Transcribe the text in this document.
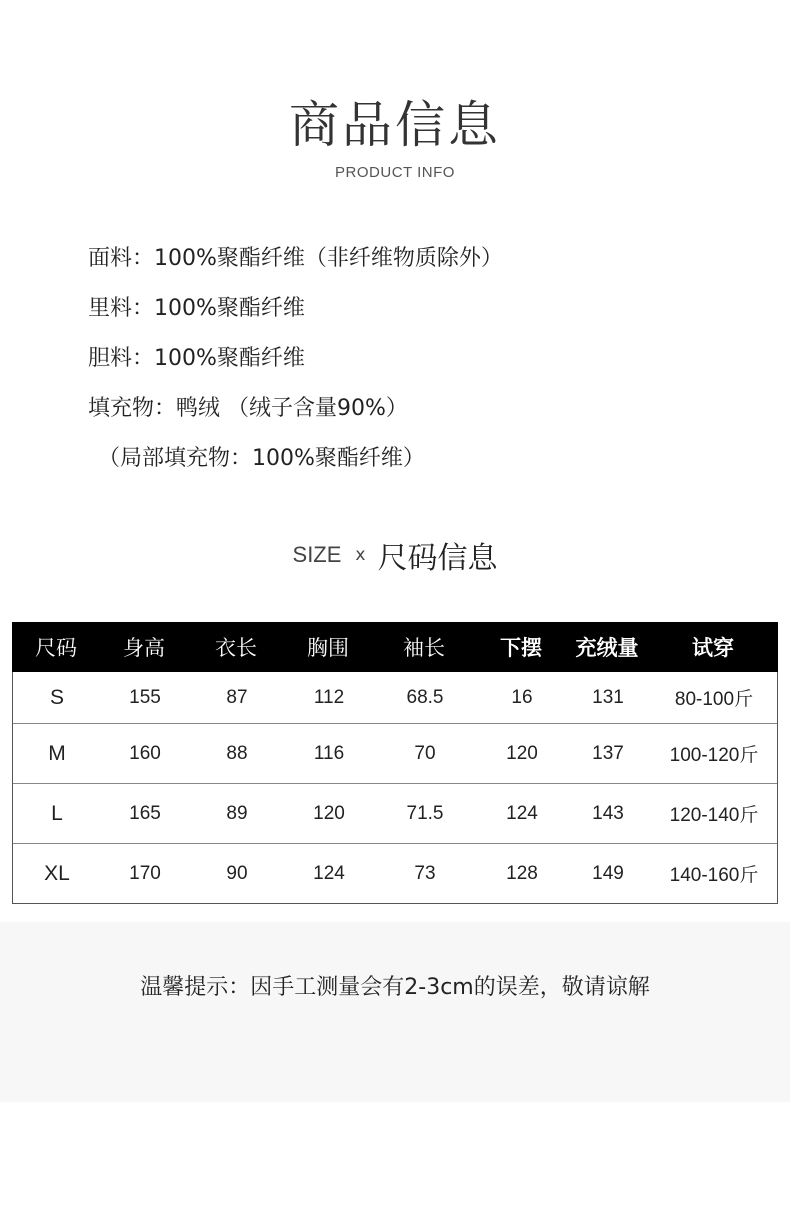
商品信息
PRODUCT INFO
面料：100%聚酯纤维（非纤维物质除外）
里料：100%聚酯纤维
胆料：100%聚酯纤维
填充物：鸭绒 （绒子含量90%）
（局部填充物：100%聚酯纤维）
SIZE x 尺码信息
尺码	身高	衣长	胸围	袖长	下摆	充绒量	试穿
S	155	87	112	68.5	16	131	80-100斤
M	160	88	116	70	120	137	100-120斤
L	165	89	120	71.5	124	143	120-140斤
XL	170	90	124	73	128	149	140-160斤
温馨提示：因手工测量会有2-3cm的误差，敬请谅解
